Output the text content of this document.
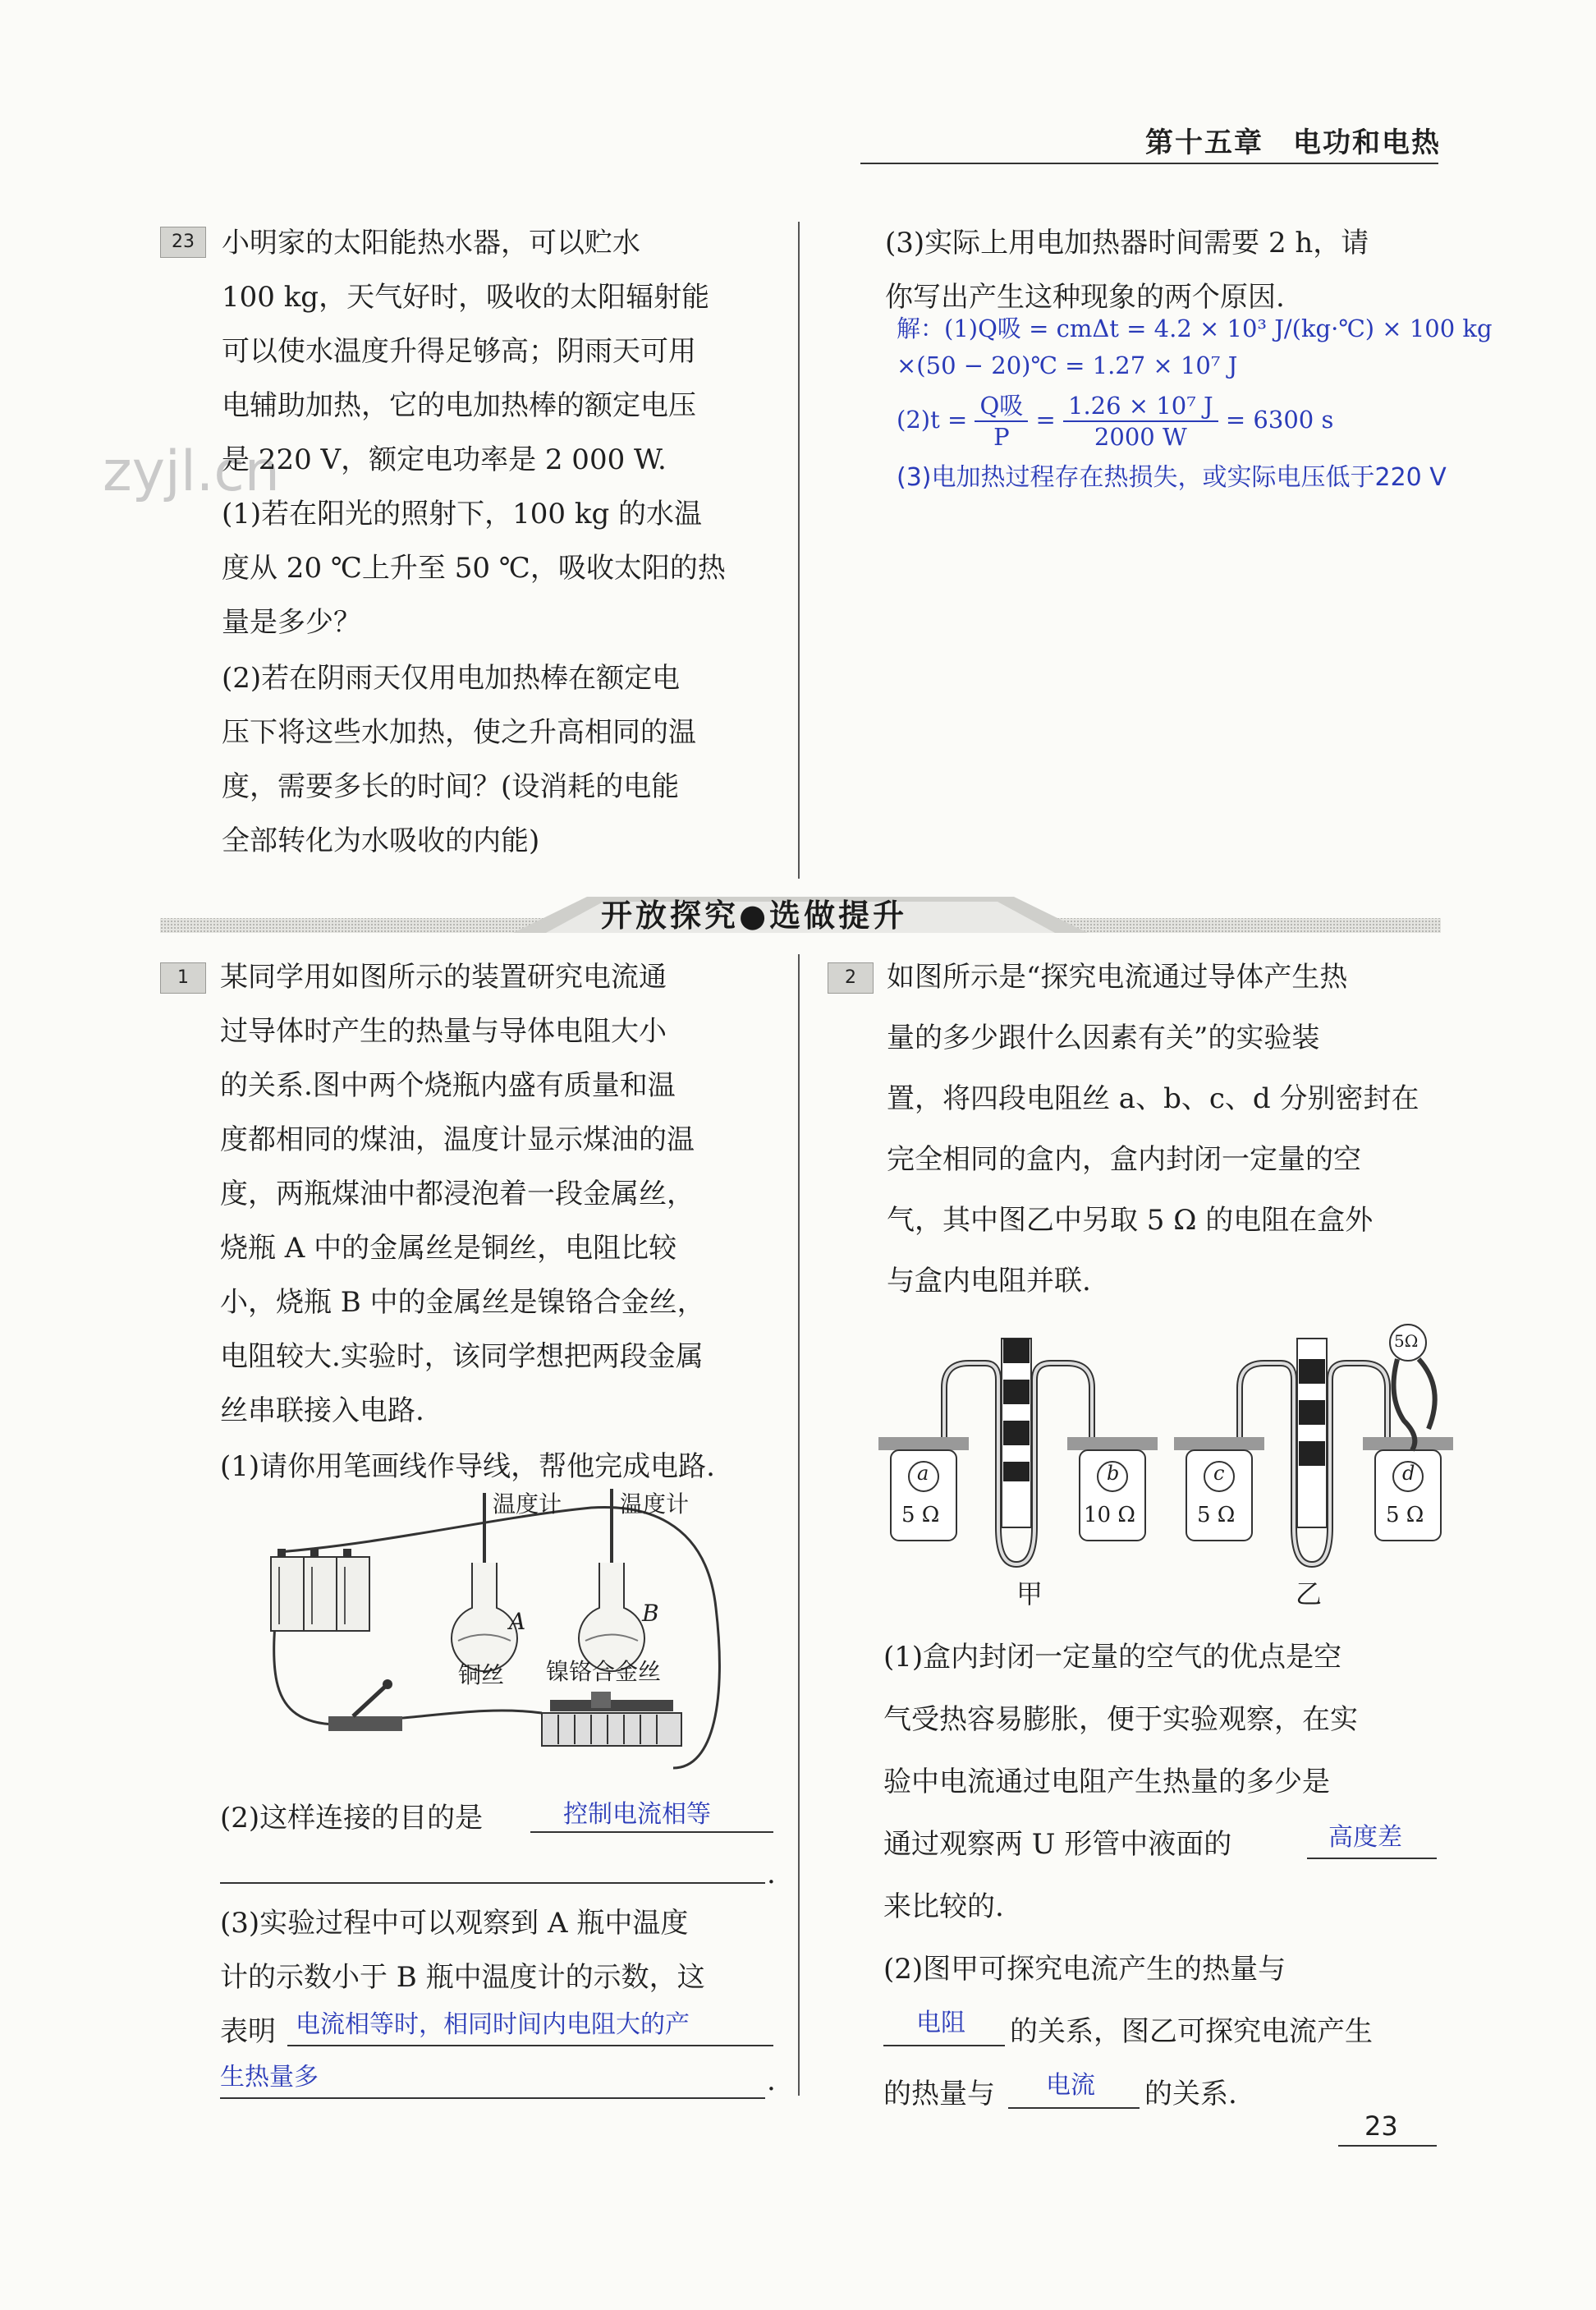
第十五章　电功和电热
zyjl.cn
23 小明家的太阳能热水器，可以贮水
100 kg，天气好时，吸收的太阳辐射能
可以使水温度升得足够高；阴雨天可用
电辅助加热，它的电加热棒的额定电压
是 220 V，额定电功率是 2 000 W.
(1)若在阳光的照射下，100 kg 的水温
度从 20 ℃上升至 50 ℃，吸收太阳的热
量是多少？
(2)若在阴雨天仅用电加热棒在额定电
压下将这些水加热，使之升高相同的温
度，需要多长的时间？(设消耗的电能
全部转化为水吸收的内能)
(3)实际上用电加热器时间需要 2 h，请
你写出产生这种现象的两个原因.
解：(1)Q吸 = cmΔt = 4.2 × 10³ J/(kg·℃) × 100 kg
×(50 − 20)℃ = 1.27 × 10⁷ J
$(2)t = \frac{\text{Q吸}}{P} = \frac{\text{1.26 × 10⁷ J}}{2000 W} = 6300$ s
(3)电加热过程存在热损失，或实际电压低于220 V
开放探究●选做提升
1	某同学用如图所示的装置研究电流通
过导体时产生的热量与导体电阻大小
的关系.图中两个烧瓶内盛有质量和温
度都相同的煤油，温度计显示煤油的温
度，两瓶煤油中都浸泡着一段金属丝，
烧瓶 A 中的金属丝是铜丝，电阻比较
小，烧瓶 B 中的金属丝是镍铬合金丝，
电阻较大.实验时，该同学想把两段金属
丝串联接入电路.
(1)请你用笔画线作导线，帮他完成电路.
温度计	温度计
A	B
铜丝 镍铬合金丝
(2)这样连接的目的是	控制电流相等
.
(3)实验过程中可以观察到 A 瓶中温度
计的示数小于 B 瓶中温度计的示数，这
表明 电流相等时，相同时间内电阻大的产
生热量多	.
2	如图所示是“探究电流通过导体产生热
量的多少跟什么因素有关”的实验装
置，将四段电阻丝 a、b、c、d 分别密封在
完全相同的盒内，盒内封闭一定量的空
气，其中图乙中另取 5 Ω 的电阻在盒外
与盒内电阻并联.
a	b	c	d
5 Ω	10 Ω	5 Ω	5 Ω
5Ω
甲	乙
(1)盒内封闭一定量的空气的优点是空
气受热容易膨胀，便于实验观察，在实
验中电流通过电阻产生热量的多少是
通过观察两 U 形管中液面的	高度差
来比较的.
(2)图甲可探究电流产生的热量与
电阻 的关系，图乙可探究电流产生
的热量与 电流 的关系.
23
